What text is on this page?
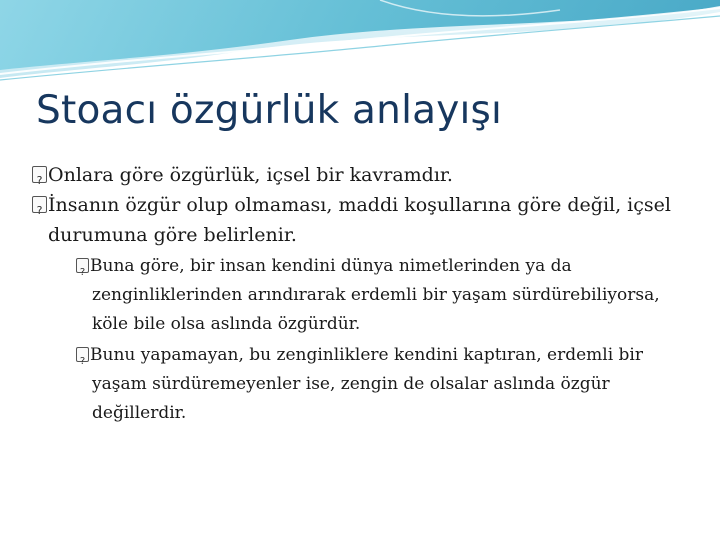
Stoacı özgürlük anlayışı

?Onlara göre özgürlük, içsel bir kavramdır.

?İnsanın özgür olup olmaması, maddi koşullarına göre değil, içsel durumuna göre belirlenir.

?Buna göre, bir insan kendini dünya nimetlerinden ya da zenginliklerinden arındırarak erdemli bir yaşam sürdürebiliyorsa, köle bile olsa aslında özgürdür.

?Bunu yapamayan, bu zenginliklere kendini kaptıran, erdemli bir yaşam sürdüremeyenler ise, zengin de olsalar aslında özgür değillerdir.
